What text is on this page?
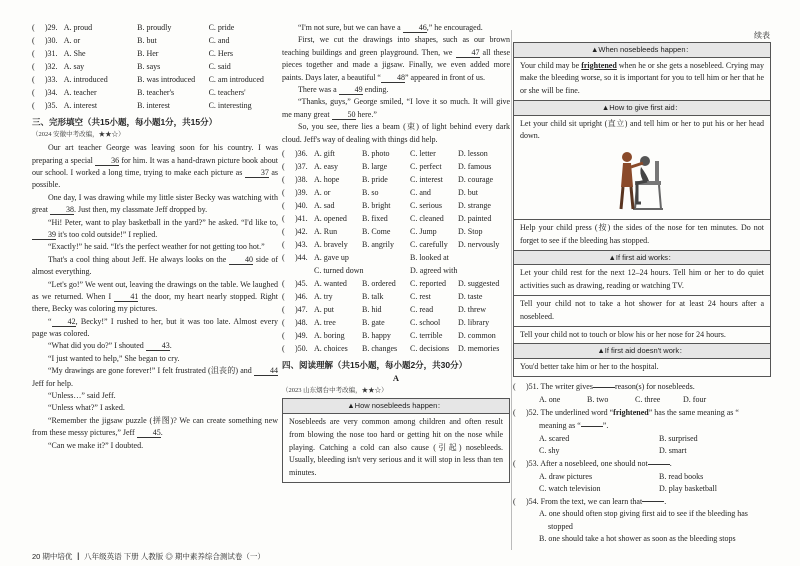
(	)29. A. proud	B. proudly	C. pride
(	)30. A. or	B. but	C. and
(	)31. A. She	B. Her	C. Hers
(	)32. A. say	B. says	C. said
(	)33. A. introduced	B. was introduced	C. am introduced
(	)34. A. teacher	B. teacher's	C. teachers'
(	)35. A. interest	B. interest	C. interesting
三、完形填空（共15小题，每小题1分，共15分）
（2024 安徽中考改编，★★☆）

Our art teacher George was leaving soon for his country. I was preparing a special 36 for him. It was a hand-drawn picture book about our school. I worked a long time, trying to make each picture as 37 as possible.

One day, I was drawing while my little sister Becky was watching with great 38. Just then, my classmate Jeff dropped by.

“Hi! Peter, want to play basketball in the yard?” he asked. “I'd like to, 39 it's too cold outside!” I replied.

“Exactly!” he said. “It's the perfect weather for not getting too hot.”

That's a cool thing about Jeff. He always looks on the 40 side of almost everything.

“Let's go!” We went out, leaving the drawings on the table. We laughed as we returned. When I 41 the door, my heart nearly stopped. Right there, Becky was coloring my pictures.

“ 42, Becky!” I rushed to her, but it was too late. Almost every page was colored.

“What did you do?” I shouted 43.

“I just wanted to help,” She began to cry.

“My drawings are gone forever!” I felt frustrated (沮丧的) and 44 Jeff for help.

“Unless…” said Jeff.

“Unless what?” I asked.

“Remember the jigsaw puzzle (拼图)? We can create something new from these messy pictures,” Jeff 45.

“Can we make it?” I doubted.

“I'm not sure, but we can have a 46,” he encouraged.

First, we cut the drawings into shapes, such as our brown teaching buildings and green playground. Then, we 47 all these pieces together and made a jigsaw. Finally, we even added more paints. Days later, a beautiful “ 48” appeared in front of us.

There was a 49 ending.

“Thanks, guys,” George smiled, “I love it so much. It will give me many great 50 here.”

So, you see, there lies a beam (束) of light behind every dark cloud. Jeff's way of dealing with things did help.

(	)36. A. gift	B. photo	C. letter	D. lesson
(	)37. A. easy	B. large	C. perfect	D. famous
(	)38. A. hope	B. pride	C. interest	D. courage
(	)39. A. or	B. so	C. and	D. but
(	)40. A. sad	B. bright	C. serious	D. strange
(	)41. A. opened	B. fixed	C. cleaned	D. painted
(	)42. A. Run	B. Come	C. Jump	D. Stop
(	)43. A. bravely	B. angrily	C. carefully	D. nervously
(	)44. A. gave up	B. looked at
C. turned down	D. agreed with
(	)45. A. wanted	B. ordered	C. reported	D. suggested
(	)46. A. try	B. talk	C. rest	D. taste
(	)47. A. put	B. hid	C. read	D. threw
(	)48. A. tree	B. gate	C. school	D. library
(	)49. A. boring	B. happy	C. terrible	D. common
(	)50. A. choices	B. changes	C. decisions	D. memories
四、阅读理解（共15小题，每小题2分，共30分）
A
（2023 山东烟台中考改编，★★☆）
▲How nosebleeds happen：
Nosebleeds are very common among children and often result from blowing the nose too hard or getting hit on the nose while playing. Catching a cold can also cause (引起) nosebleeds. Usually, bleeding isn't very serious and it will stop in less than ten minutes.
续表
▲When nosebleeds happen：
Your child may be frightened when he or she gets a nosebleed. Crying may make the bleeding worse, so it is important for you to tell him or her that he or she will be fine.
▲How to give first aid：
Let your child sit upright (直立) and tell him or her to put his or her head down.
Help your child press (按) the sides of the nose for ten minutes. Do not forget to see if the bleeding has stopped.
▲If first aid works：
Let your child rest for the next 12–24 hours. Tell him or her to do quiet activities such as drawing, reading or watching TV.
Tell your child not to take a hot shower for at least 24 hours after a nosebleed.
Tell your child not to touch or blow his or her nose for 24 hours.
▲If first aid doesn't work：
You'd better take him or her to the hospital.
(	)51. The writer gives	reason(s) for nosebleeds.
A. one	B. two	C. three	D. four
(	)52. The underlined word “ frightened ” has the same meaning as “
meaning as “	”.
A. scared	B. surprised
C. shy	D. smart
(	)53. After a nosebleed, one should not	.
A. draw pictures	B. read books
C. watch television	D. play basketball
(	)54. From the text, we can learn that	.
A. one should often stop giving first aid to see if the bleeding has stopped
B. one should take a hot shower as soon as the bleeding stops
20 期中培优 ┃ 八年级英语 下册 人教版 ◎ 期中素养综合测试卷（一）
